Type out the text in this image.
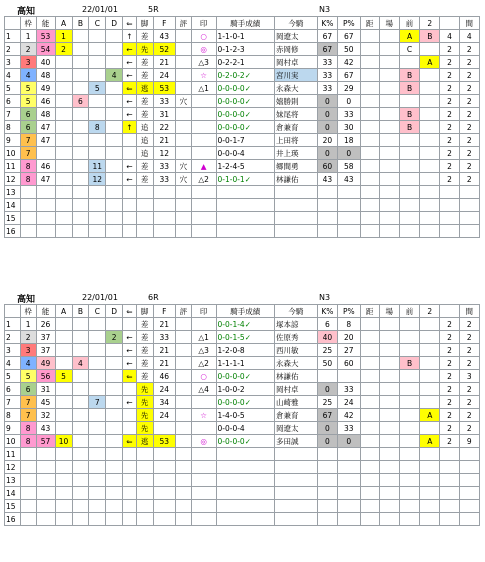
高知	22/01/01	5R	N3
	枠	能	A	B	C	D	⇐	脚	F	評	印	騎手成績	今騎	K%	P%	距	場	前	2		間
1	1	53	1				↑	差	43		○	1-1-0-1	岡遼太	67	67			A	B	4	4
2	2	54	2				←	先	52		◎	0-1-2-3	赤岡修	67	50			C		2	2
3	3	40					←	差	21		△3	0-2-2-1	岡村卓	33	42				A	2	2
4	4	48				4	←	差	24		☆	0-2-0-2✓	宮川実	33	67			B		2	2
5	5	49			5		⇐	逃	53		△1	0-0-0-0✓	永森大	33	29			B		2	2
6	5	46		6			←	差	33	穴		0-0-0-0✓	嬉勝則	0	0					2	2
7	6	48					←	差	31			0-0-0-0✓	妹尾将	0	33			B		2	2
8	6	47			8		↑	追	22			0-0-0-0✓	倉兼育	0	30			B		2	2
9	7	47						追	21			0-0-1-7	上田将	20	18					2	2
10	7							追	12			0-0-0-4	井上瑛	0	0					2	2
11	8	46			11		←	差	33	穴	▲	1-2-4-5	郷間勇	60	58					2	2
12	8	47			12		←	差	33	穴	△2	0-1-0-1✓	林謙佑	43	43					2	2
13																					
14																					
15																					
16																					
高知	22/01/01	6R	N3
	枠	能	A	B	C	D	⇐	脚	F	評	印	騎手成績	今騎	K%	P%	距	場	前	2		間
1	1	26						差	21			0-0-1-4✓	塚本諒	6	8					2	2
2	2	37				2	←	差	33		△1	0-0-1-5✓	佐原秀	40	20					2	2
3	3	37					←	差	21		△3	1-2-0-8	西川敏	25	27					2	2
4	4	49		4			←	差	21		△2	1-1-1-1	永森大	50	60			B		2	2
5	5	56	5				⇐	差	46		○	0-0-0-0✓	林謙佑							2	3
6	6	31						先	24		△4	1-0-0-2	岡村卓	0	33					2	2
7	7	45			7		←	先	34			0-0-0-0✓	山崎雅	25	24					2	2
8	7	32						先	24		☆	1-4-0-5	倉兼育	67	42				A	2	2
9	8	43						先				0-0-0-4	岡遼太	0	33					2	2
10	8	57	10				⇐	逃	53		◎	0-0-0-0✓	多田誠	0	0				A	2	9
11																					
12																					
13																					
14																					
15																					
16																					
